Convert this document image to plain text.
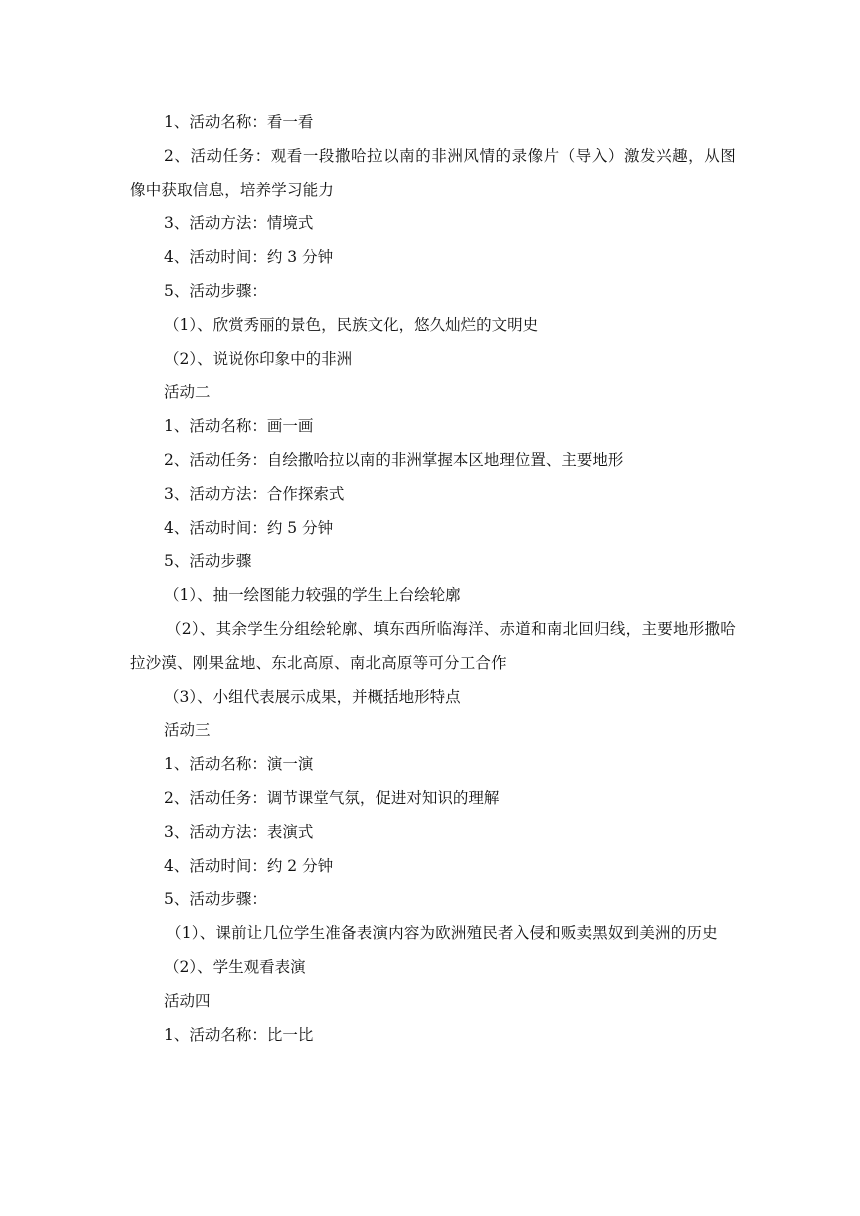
1、活动名称：看一看
2、活动任务：观看一段撒哈拉以南的非洲风情的录像片（导入）激发兴趣，从图像中获取信息，培养学习能力
3、活动方法：情境式
4、活动时间：约 3 分钟
5、活动步骤：
（1）、欣赏秀丽的景色，民族文化，悠久灿烂的文明史
（2）、说说你印象中的非洲
活动二
1、活动名称：画一画
2、活动任务：自绘撒哈拉以南的非洲掌握本区地理位置、主要地形
3、活动方法：合作探索式
4、活动时间：约 5 分钟
5、活动步骤
（1）、抽一绘图能力较强的学生上台绘轮廓
（2）、其余学生分组绘轮廓、填东西所临海洋、赤道和南北回归线，主要地形撒哈拉沙漠、刚果盆地、东北高原、南北高原等可分工合作
（3）、小组代表展示成果，并概括地形特点
活动三
1、活动名称：演一演
2、活动任务：调节课堂气氛，促进对知识的理解
3、活动方法：表演式
4、活动时间：约 2 分钟
5、活动步骤：
（1）、课前让几位学生准备表演内容为欧洲殖民者入侵和贩卖黑奴到美洲的历史
（2）、学生观看表演
活动四
1、活动名称：比一比
